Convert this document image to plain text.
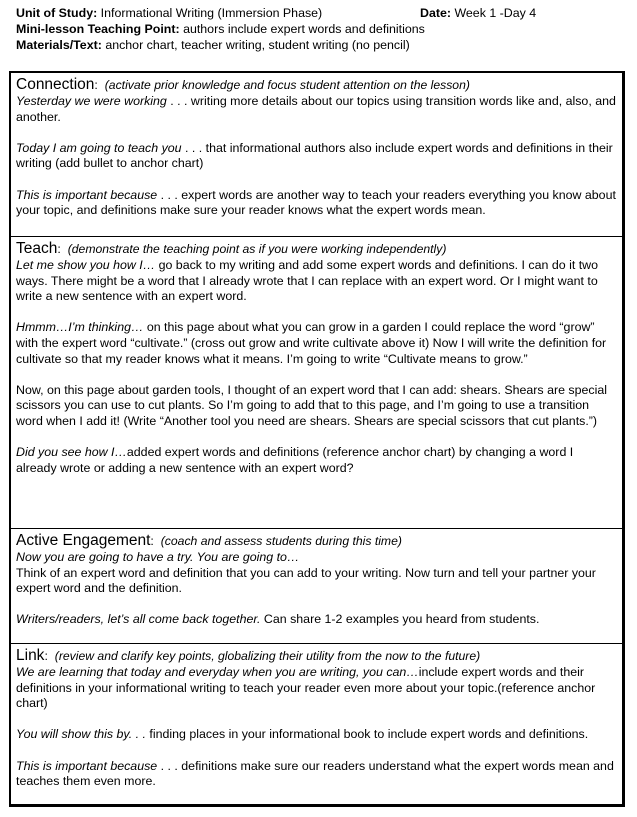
Unit of Study: Informational Writing (Immersion Phase)	Date: Week 1 -Day 4
Mini-lesson Teaching Point: authors include expert words and definitions
Materials/Text: anchor chart, teacher writing, student writing (no pencil)
Connection:  (activate prior knowledge and focus student attention on the lesson)

Yesterday we were working . . . writing more details about our topics using transition words like and, also, and another.

Today I am going to teach you . . . that informational authors also include expert words and definitions in their writing (add bullet to anchor chart)

This is important because . . . expert words are another way to teach your readers everything you know about your topic, and definitions make sure your reader knows what the expert words mean.

Teach:  (demonstrate the teaching point as if you were working independently)

Let me show you how I… go back to my writing and add some expert words and definitions. I can do it two ways. There might be a word that I already wrote that I can replace with an expert word. Or I might want to write a new sentence with an expert word.

Hmmm…I’m thinking… on this page about what you can grow in a garden I could replace the word “grow” with the expert word “cultivate.” (cross out grow and write cultivate above it) Now I will write the definition for cultivate so that my reader knows what it means. I’m going to write “Cultivate means to grow.”

Now, on this page about garden tools, I thought of an expert word that I can add: shears. Shears are special scissors you can use to cut plants. So I’m going to add that to this page, and I’m going to use a transition word when I add it! (Write “Another tool you need are shears. Shears are special scissors that cut plants.”)

Did you see how I…added expert words and definitions (reference anchor chart) by changing a word I already wrote or adding a new sentence with an expert word?

Active Engagement:  (coach and assess students during this time)

Now you are going to have a try. You are going to…
Think of an expert word and definition that you can add to your writing. Now turn and tell your partner your expert word and the definition.

Writers/readers, let’s all come back together. Can share 1-2 examples you heard from students.

Link:  (review and clarify key points, globalizing their utility from the now to the future)

We are learning that today and everyday when you are writing, you can…include expert words and their definitions in your informational writing to teach your reader even more about your topic.(reference anchor chart)

You will show this by. . . finding places in your informational book to include expert words and definitions.

This is important because . . . definitions make sure our readers understand what the expert words mean and teaches them even more.
